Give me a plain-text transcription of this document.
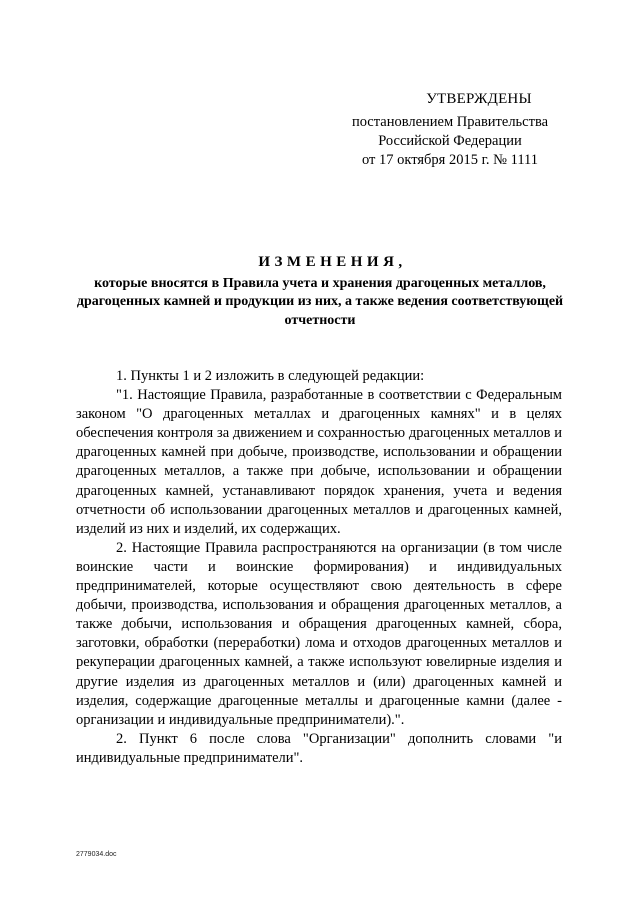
УТВЕРЖДЕНЫ
постановлением Правительства
Российской Федерации
от 17 октября 2015 г. № 1111
ИЗМЕНЕНИЯ,
которые вносятся в Правила учета и хранения драгоценных металлов, драгоценных камней и продукции из них, а также ведения соответствующей отчетности

1. Пункты 1 и 2 изложить в следующей редакции:

"1. Настоящие Правила, разработанные в соответствии с Федеральным законом "О драгоценных металлах и драгоценных камнях" и в целях обеспечения контроля за движением и сохранностью драгоценных металлов и драгоценных камней при добыче, производстве, использовании и обращении драгоценных металлов, а также при добыче, использовании и обращении драгоценных камней, устанавливают порядок хранения, учета и ведения отчетности об использовании драгоценных металлов и драгоценных камней, изделий из них и изделий, их содержащих.

2. Настоящие Правила распространяются на организации (в том числе воинские части и воинские формирования) и индивидуальных предпринимателей, которые осуществляют свою деятельность в сфере добычи, производства, использования и обращения драгоценных металлов, а также добычи, использования и обращения драгоценных камней, сбора, заготовки, обработки (переработки) лома и отходов драгоценных металлов и рекуперации драгоценных камней, а также используют ювелирные изделия и другие изделия из драгоценных металлов и (или) драгоценных камней и изделия, содержащие драгоценные металлы и драгоценные камни (далее - организации и индивидуальные предприниматели).".

2. Пункт 6 после слова "Организации" дополнить словами "и индивидуальные предприниматели".

2779034.doc
